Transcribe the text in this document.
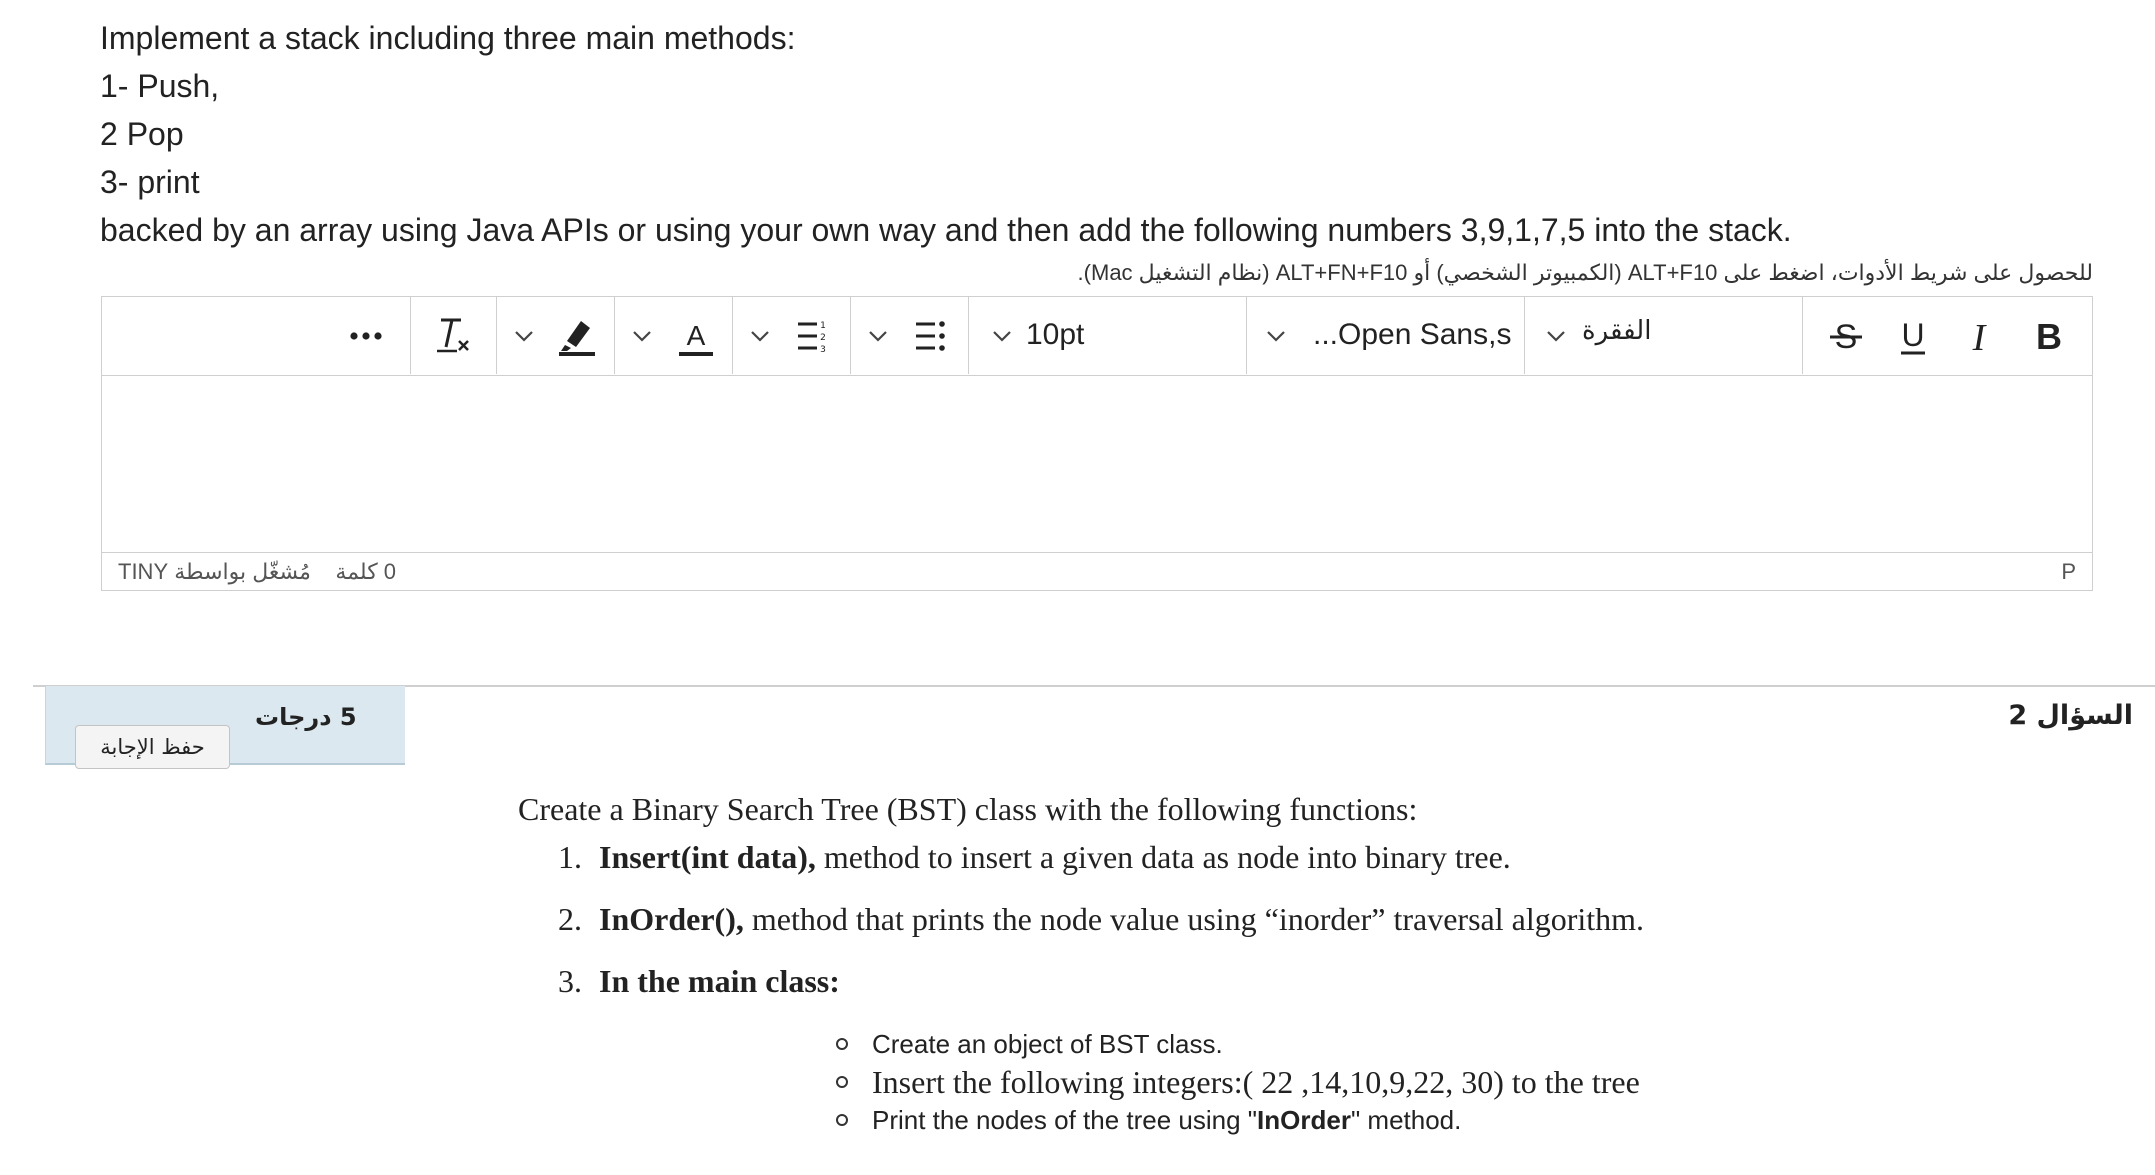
Implement a stack including three main methods:
1- Push,
2 Pop
3- print
backed by an array using Java APIs or using your own way and then add the following numbers 3,9,1,7,5 into the stack.
للحصول على شريط الأدوات، اضغط على ALT+F10 (الكمبيوتر الشخصي) أو ALT+FN+F10 (نظام التشغيل Mac).
A	1
2
3	10pt	Open Sans,s...	الفقرة	S U I B
0 كلمة    مُشغّل بواسطة TINY	P
حفظ الإجابة
5 درجات	السؤال 2
Create a Binary Search Tree (BST) class with the following functions:
1. Insert(int data), method to insert a given data as node into binary tree.
2. InOrder(), method that prints the node value using “inorder” traversal algorithm.
3. In the main class:
Create an object of BST class.
Insert the following integers:( 22 ,14,10,9,22, 30) to the tree
Print the nodes of the tree using "InOrder" method.
